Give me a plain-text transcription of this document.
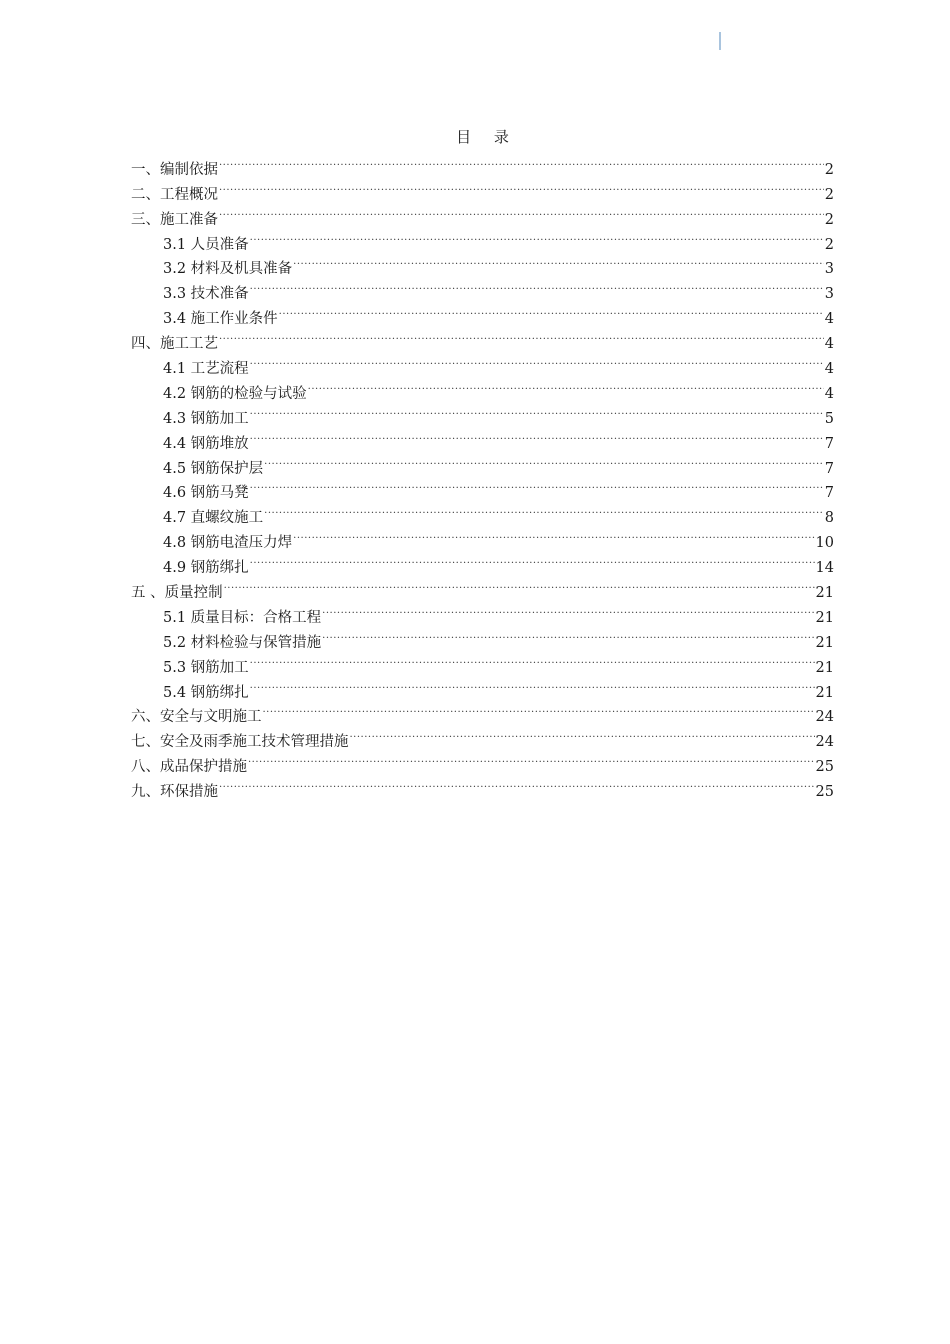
目 录
一、编制依据 .....	2
二、工程概况 .....	2
三、施工准备 .....	2
3.1 人员准备 .....	2
3.2 材料及机具准备 .....	3
3.3 技术准备 .....	3
3.4 施工作业条件 .....	4
四、施工工艺 .....	4
4.1 工艺流程 .....	4
4.2 钢筋的检验与试验 .....	4
4.3 钢筋加工 .....	5
4.4 钢筋堆放 .....	7
4.5 钢筋保护层 .....	7
4.6 钢筋马凳 .....	7
4.7 直螺纹施工 .....	8
4.8 钢筋电渣压力焊 .....	10
4.9 钢筋绑扎 .....	14
五 、质量控制 .....	21
5.1 质量目标：合格工程 .....	21
5.2 材料检验与保管措施 .....	21
5.3 钢筋加工 .....	21
5.4 钢筋绑扎 .....	21
六、安全与文明施工 .....	24
七、安全及雨季施工技术管理措施 .....	24
八、成品保护措施 .....	25
九、环保措施 .....	25
